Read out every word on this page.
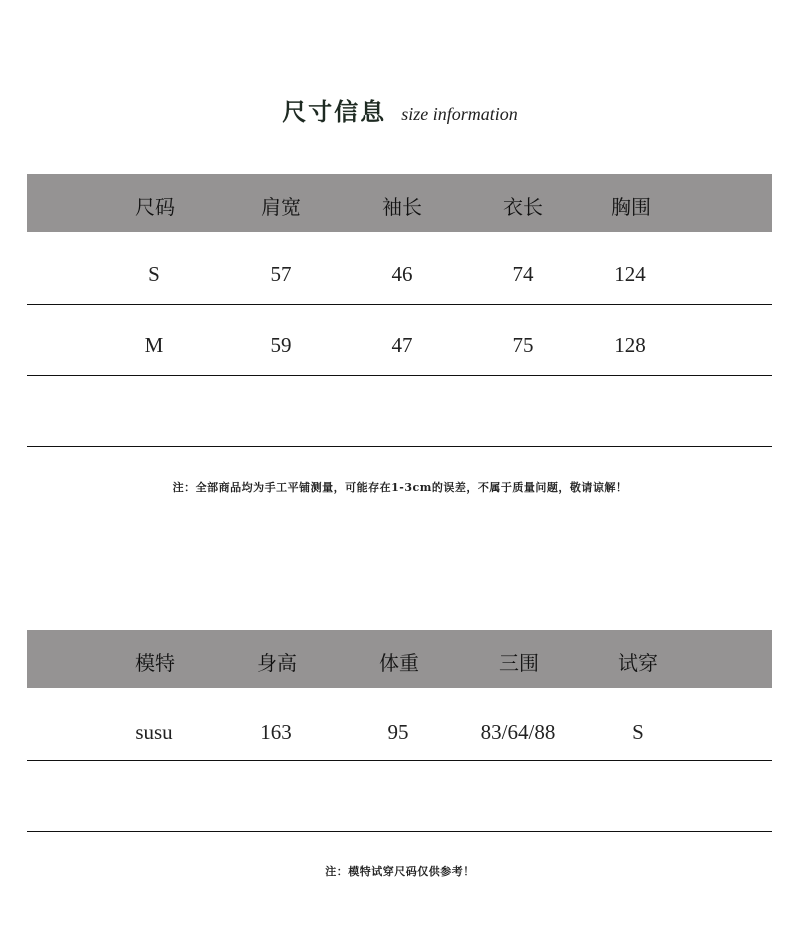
尺寸信息 size information
尺码	肩宽	袖长	衣长	胸围
S	57	46	74	124
M	59	47	75	128
注：全部商品均为手工平铺测量，可能存在1-3cm的误差，不属于质量问题，敬请谅解！
模特	身高	体重	三围	试穿
susu	163	95	83/64/88	S
注：模特试穿尺码仅供参考！
